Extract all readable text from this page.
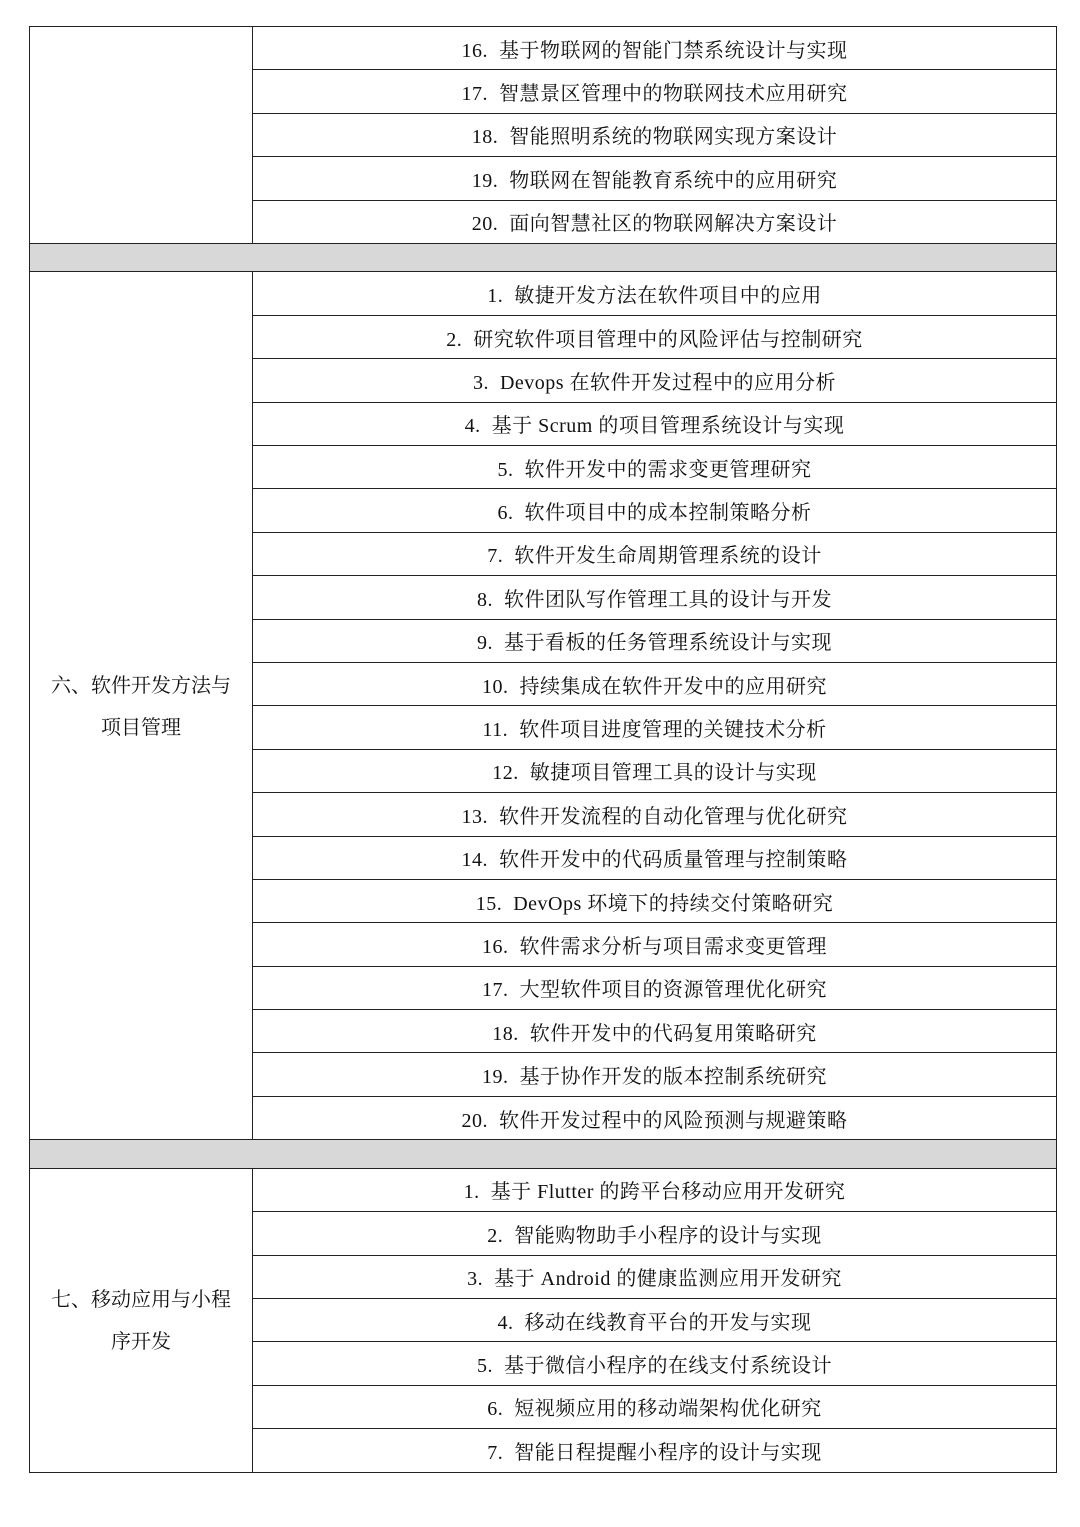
	16. 基于物联网的智能门禁系统设计与实现
	17. 智慧景区管理中的物联网技术应用研究
	18. 智能照明系统的物联网实现方案设计
	19. 物联网在智能教育系统中的应用研究
	20. 面向智慧社区的物联网解决方案设计

六、软件开发方法与
项目管理	1. 敏捷开发方法在软件项目中的应用
	2. 研究软件项目管理中的风险评估与控制研究
	3. Devops 在软件开发过程中的应用分析
	4. 基于 Scrum 的项目管理系统设计与实现
	5. 软件开发中的需求变更管理研究
	6. 软件项目中的成本控制策略分析
	7. 软件开发生命周期管理系统的设计
	8. 软件团队写作管理工具的设计与开发
	9. 基于看板的任务管理系统设计与实现
	10. 持续集成在软件开发中的应用研究
	11. 软件项目进度管理的关键技术分析
	12. 敏捷项目管理工具的设计与实现
	13. 软件开发流程的自动化管理与优化研究
	14. 软件开发中的代码质量管理与控制策略
	15. DevOps 环境下的持续交付策略研究
	16. 软件需求分析与项目需求变更管理
	17. 大型软件项目的资源管理优化研究
	18. 软件开发中的代码复用策略研究
	19. 基于协作开发的版本控制系统研究
	20. 软件开发过程中的风险预测与规避策略

七、移动应用与小程
序开发	1. 基于 Flutter 的跨平台移动应用开发研究
	2. 智能购物助手小程序的设计与实现
	3. 基于 Android 的健康监测应用开发研究
	4. 移动在线教育平台的开发与实现
	5. 基于微信小程序的在线支付系统设计
	6. 短视频应用的移动端架构优化研究
	7. 智能日程提醒小程序的设计与实现
